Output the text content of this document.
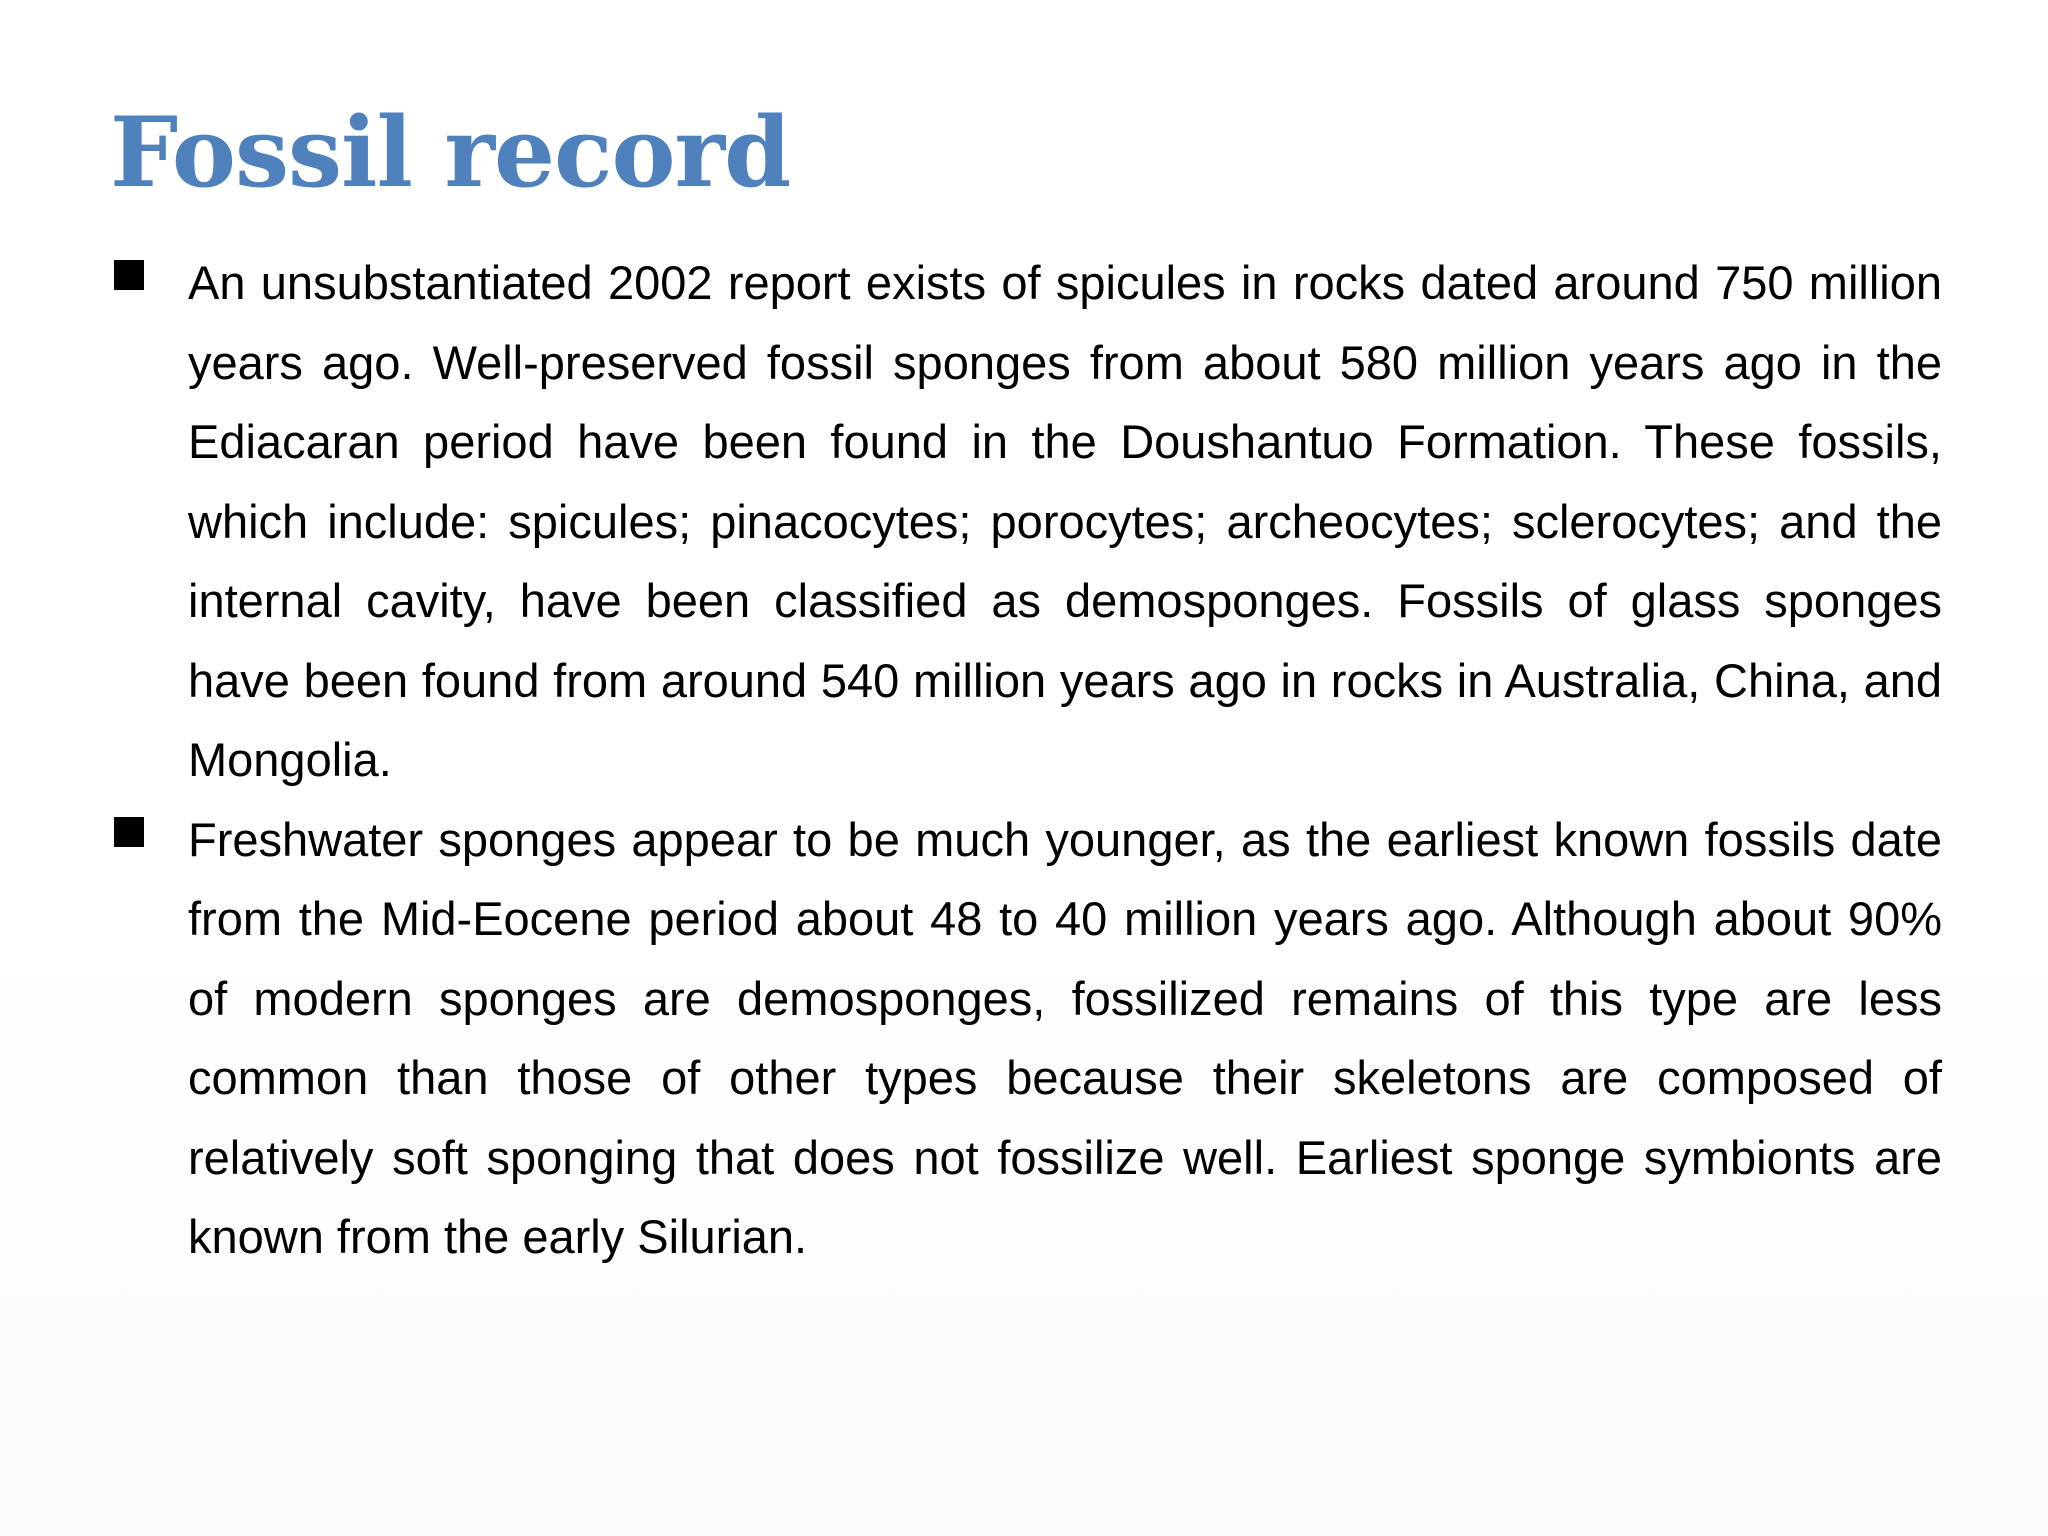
Fossil record
An unsubstantiated 2002 report exists of spicules in rocks dated around 750 million years ago. Well-preserved fossil sponges from about 580 million years ago in the Ediacaran period have been found in the Doushantuo Formation. These fossils, which include: spicules; pinacocytes; porocytes; archeocytes; sclerocytes; and the internal cavity, have been classified as demosponges. Fossils of glass sponges have been found from around 540 million years ago in rocks in Australia, China, and Mongolia.
Freshwater sponges appear to be much younger, as the earliest known fossils date from the Mid-Eocene period about 48 to 40 million years ago. Although about 90% of modern sponges are demosponges, fossilized remains of this type are less common than those of other types because their skeletons are composed of relatively soft sponging that does not fossilize well. Earliest sponge symbionts are known from the early Silurian.
